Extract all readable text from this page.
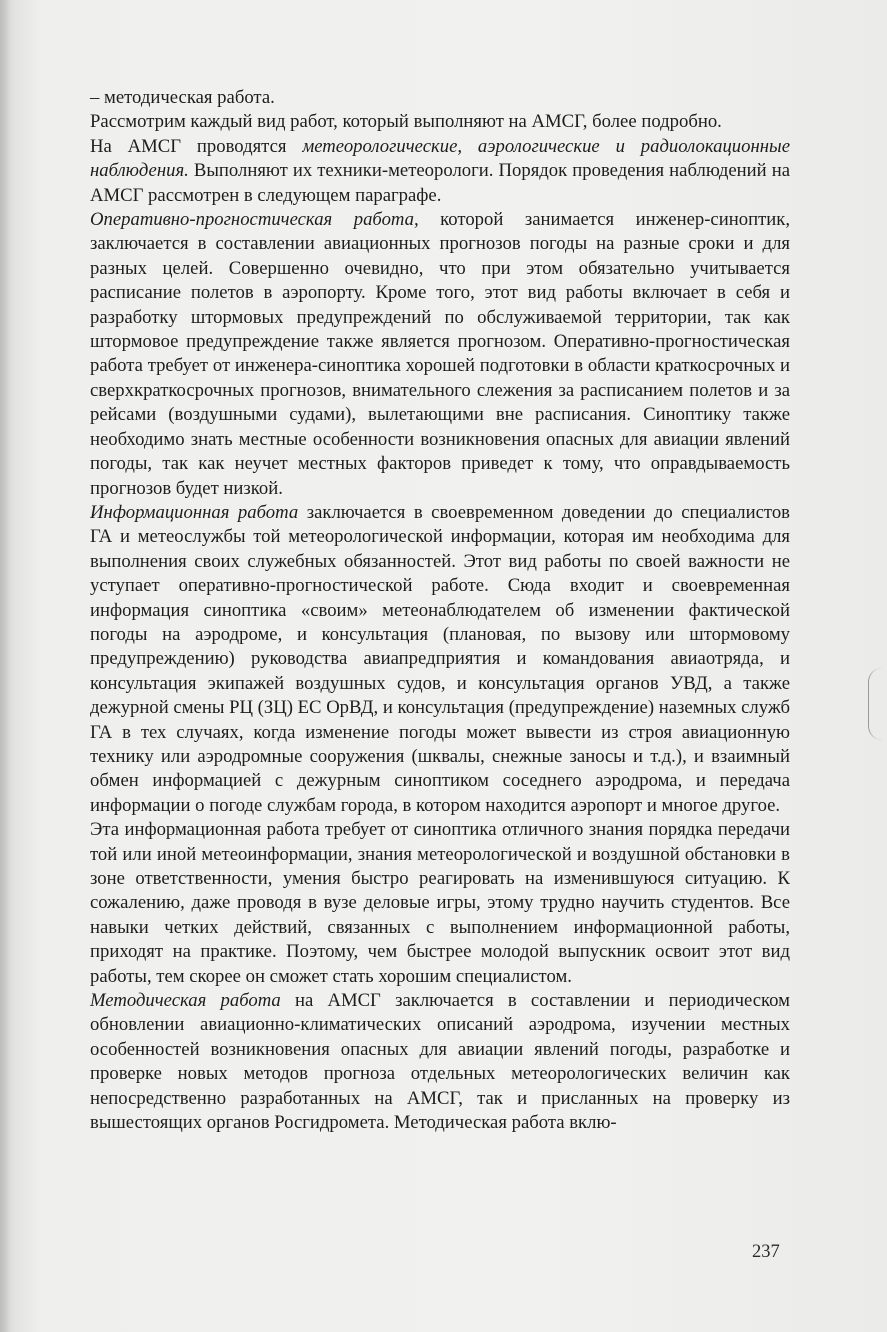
– методическая работа.

Рассмотрим каждый вид работ, который выполняют на АМСГ, более подробно.

На АМСГ проводятся метеорологические, аэрологические и радиолокационные наблюдения. Выполняют их техники-метеорологи. Порядок проведения наблюдений на АМСГ рассмотрен в следующем параграфе.

Оперативно-прогностическая работа, которой занимается инженер-синоптик, заключается в составлении авиационных прогнозов погоды на разные сроки и для разных целей. Совершенно очевидно, что при этом обязательно учитывается расписание полетов в аэропорту. Кроме того, этот вид работы включает в себя и разработку штормовых предупреждений по обслуживаемой территории, так как штормовое предупреждение также является прогнозом. Оперативно-прогностическая работа требует от инженера-синоптика хорошей подготовки в области краткосрочных и сверхкраткосрочных прогнозов, внимательного слежения за расписанием полетов и за рейсами (воздушными судами), вылетающими вне расписания. Синоптику также необходимо знать местные особенности возникновения опасных для авиации явлений погоды, так как неучет местных факторов приведет к тому, что оправдываемость прогнозов будет низкой.

Информационная работа заключается в своевременном доведении до специалистов ГА и метеослужбы той метеорологической информации, которая им необходима для выполнения своих служебных обязанностей. Этот вид работы по своей важности не уступает оперативно-прогностической работе. Сюда входит и своевременная информация синоптика «своим» метеонаблюдателем об изменении фактической погоды на аэродроме, и консультация (плановая, по вызову или штормовому предупреждению) руководства авиапредприятия и командования авиаотряда, и консультация экипажей воздушных судов, и консультация органов УВД, а также дежурной смены РЦ (ЗЦ) ЕС ОрВД, и консультация (предупреждение) наземных служб ГА в тех случаях, когда изменение погоды может вывести из строя авиационную технику или аэродромные сооружения (шквалы, снежные заносы и т.д.), и взаимный обмен информацией с дежурным синоптиком соседнего аэродрома, и передача информации о погоде службам города, в котором находится аэропорт и многое другое.

Эта информационная работа требует от синоптика отличного знания порядка передачи той или иной метеоинформации, знания метеорологической и воздушной обстановки в зоне ответственности, умения быстро реагировать на изменившуюся ситуацию. К сожалению, даже проводя в вузе деловые игры, этому трудно научить студентов. Все навыки четких действий, связанных с выполнением информационной работы, приходят на практике. Поэтому, чем быстрее молодой выпускник освоит этот вид работы, тем скорее он сможет стать хорошим специалистом.

Методическая работа на АМСГ заключается в составлении и периодическом обновлении авиационно-климатических описаний аэродрома, изучении местных особенностей возникновения опасных для авиации явлений погоды, разработке и проверке новых методов прогноза отдельных метеорологических величин как непосредственно разработанных на АМСГ, так и присланных на проверку из вышестоящих органов Росгидромета. Методическая работа вклю-

237
